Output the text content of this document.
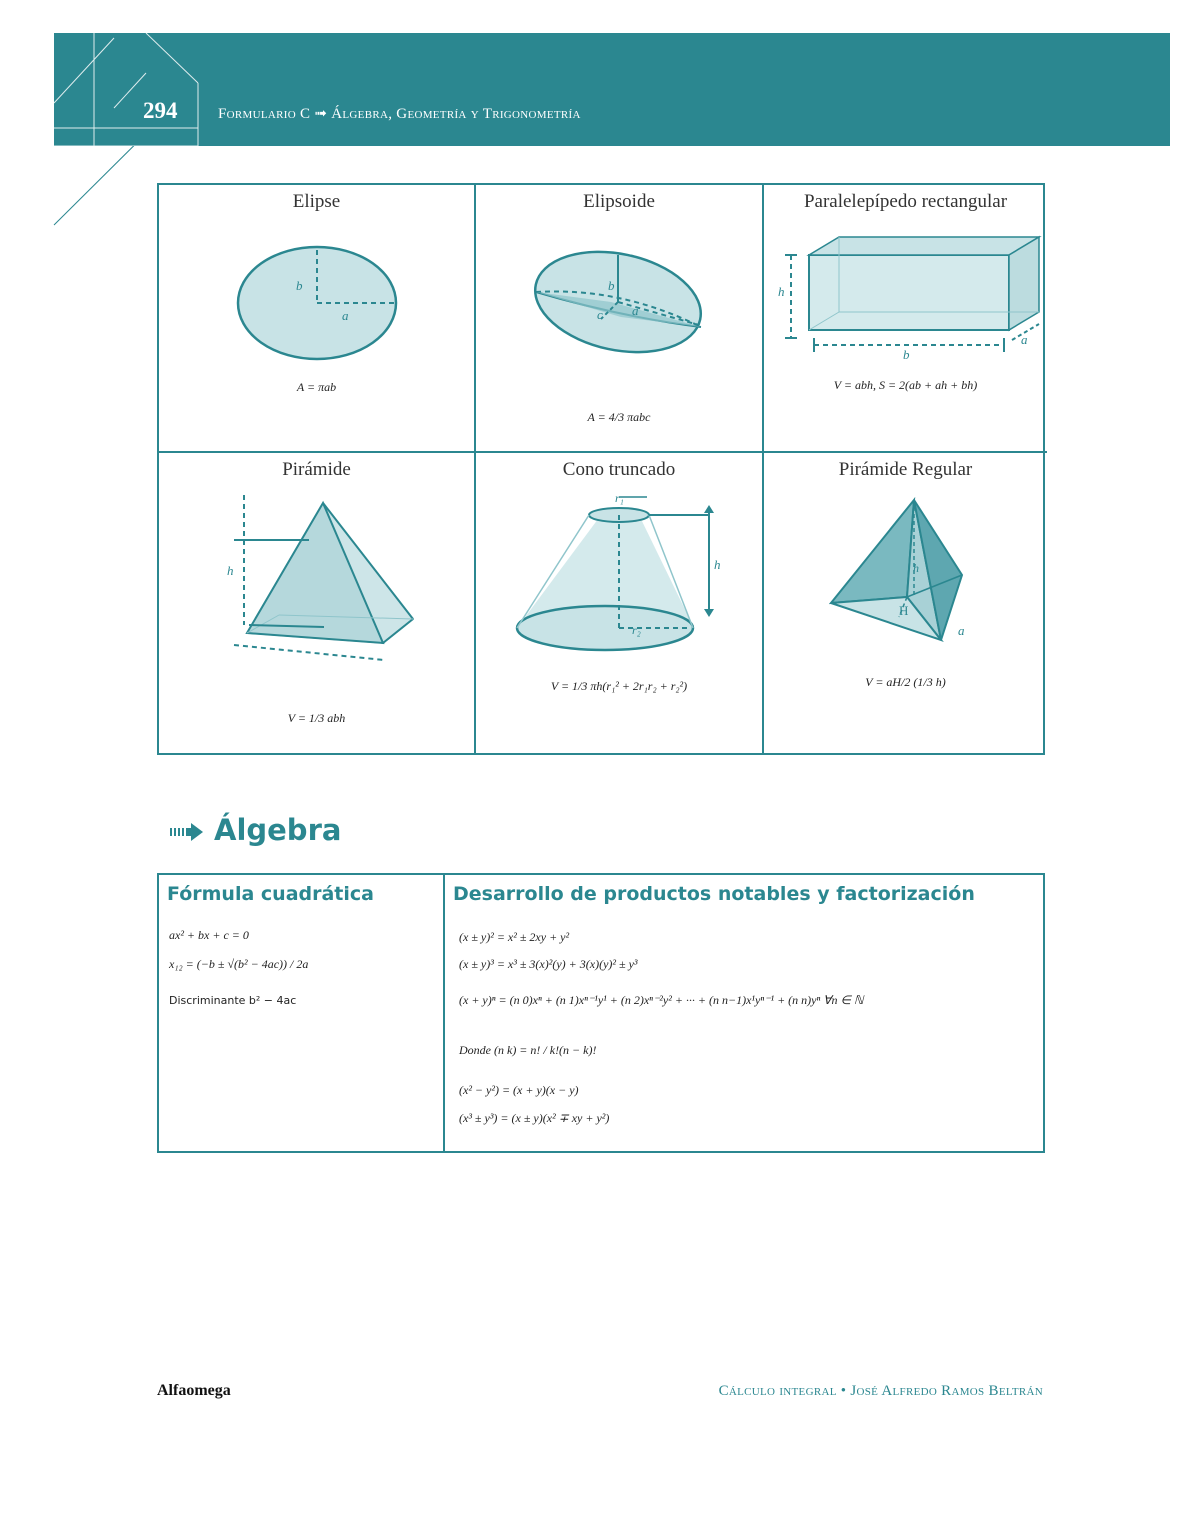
294	Formulario C ➟ Álgebra, Geometría y Trigonometría
Elipse
b
a
A = πab
Elipsoide
b
c a
A = 4/3 πabc
Paralelepípedo rectangular
h
b
a
V = abh, S = 2(ab + ah + bh)
Pirámide
h
V = 1/3 abh
Cono truncado
r₁
r₂
h
V = 1/3 πh(r₁² + 2r₁r₂ + r₂²)
Pirámide Regular
h
H
a
V = aH/2 (1/3 h)
Álgebra
Fórmula cuadrática
ax² + bx + c = 0
x₁₂ = (−b ± √(b² − 4ac)) / 2a
Discriminante b² − 4ac
Desarrollo de productos notables y factorización
(x ± y)² = x² ± 2xy + y²
(x ± y)³ = x³ ± 3(x)²(y) + 3(x)(y)² ± y³
(x + y)ⁿ = (n 0)xⁿ + (n 1)xⁿ⁻¹y¹ + (n 2)xⁿ⁻²y² + ··· + (n n−1)x¹yⁿ⁻¹ + (n n)yⁿ ∀n ∈ ℕ
Donde (n k) = n! / k!(n − k)!
(x² − y²) = (x + y)(x − y)
(x³ ± y³) = (x ± y)(x² ∓ xy + y²)
Alfaomega	Cálculo integral • José Alfredo Ramos Beltrán
